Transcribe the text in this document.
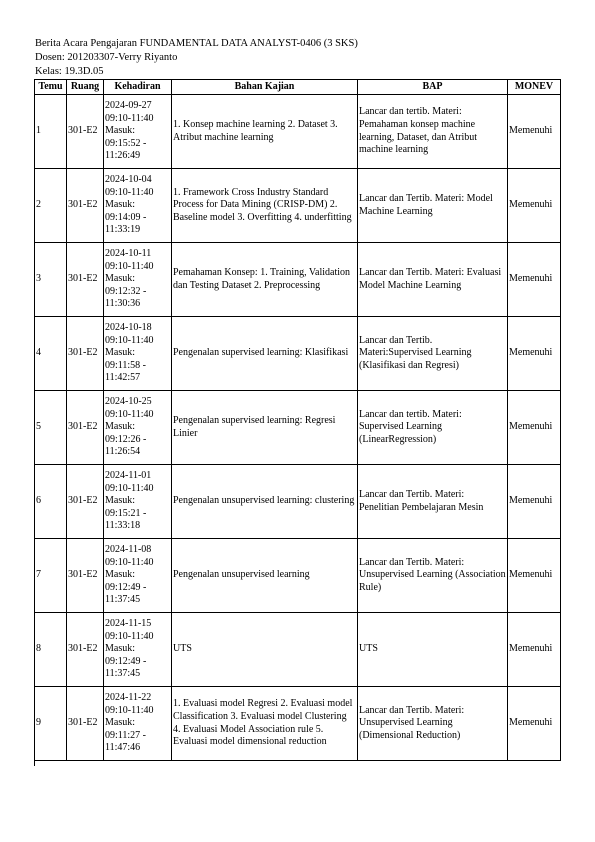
Berita Acara Pengajaran FUNDAMENTAL DATA ANALYST-0406 (3 SKS)
Dosen: 201203307-Verry Riyanto
Kelas: 19.3D.05
Temu	Ruang	Kehadiran	Bahan Kajian	BAP	MONEV
1	301-E2	2024-09-27
09:10-11:40
Masuk:
09:15:52 -
11:26:49	1. Konsep machine learning 2. Dataset 3. Atribut machine learning	Lancar dan tertib. Materi: Pemahaman konsep machine learning, Dataset, dan Atribut machine learning	Memenuhi
2	301-E2	2024-10-04
09:10-11:40
Masuk:
09:14:09 -
11:33:19	1. Framework Cross Industry Standard Process for Data Mining (CRISP-DM) 2. Baseline model 3. Overfitting 4. underfitting	Lancar dan Tertib. Materi: Model Machine Learning	Memenuhi
3	301-E2	2024-10-11
09:10-11:40
Masuk:
09:12:32 -
11:30:36	Pemahaman Konsep: 1. Training, Validation dan Testing Dataset 2. Preprocessing	Lancar dan Tertib. Materi: Evaluasi Model Machine Learning	Memenuhi
4	301-E2	2024-10-18
09:10-11:40
Masuk:
09:11:58 -
11:42:57	Pengenalan supervised learning: Klasifikasi	Lancar dan Tertib. Materi:Supervised Learning (Klasifikasi dan Regresi)	Memenuhi
5	301-E2	2024-10-25
09:10-11:40
Masuk:
09:12:26 -
11:26:54	Pengenalan supervised learning: Regresi Linier	Lancar dan tertib. Materi: Supervised Learning (LinearRegression)	Memenuhi
6	301-E2	2024-11-01
09:10-11:40
Masuk:
09:15:21 -
11:33:18	Pengenalan unsupervised learning: clustering	Lancar dan Tertib. Materi: Penelitian Pembelajaran Mesin	Memenuhi
7	301-E2	2024-11-08
09:10-11:40
Masuk:
09:12:49 -
11:37:45	Pengenalan unsupervised learning	Lancar dan Tertib. Materi: Unsupervised Learning (Association Rule)	Memenuhi
8	301-E2	2024-11-15
09:10-11:40
Masuk:
09:12:49 -
11:37:45	UTS	UTS	Memenuhi
9	301-E2	2024-11-22
09:10-11:40
Masuk:
09:11:27 -
11:47:46	1. Evaluasi model Regresi 2. Evaluasi model Classification 3. Evaluasi model Clustering 4. Evaluasi Model Association rule 5. Evaluasi model dimensional reduction	Lancar dan Tertib. Materi: Unsupervised Learning (Dimensional Reduction)	Memenuhi
